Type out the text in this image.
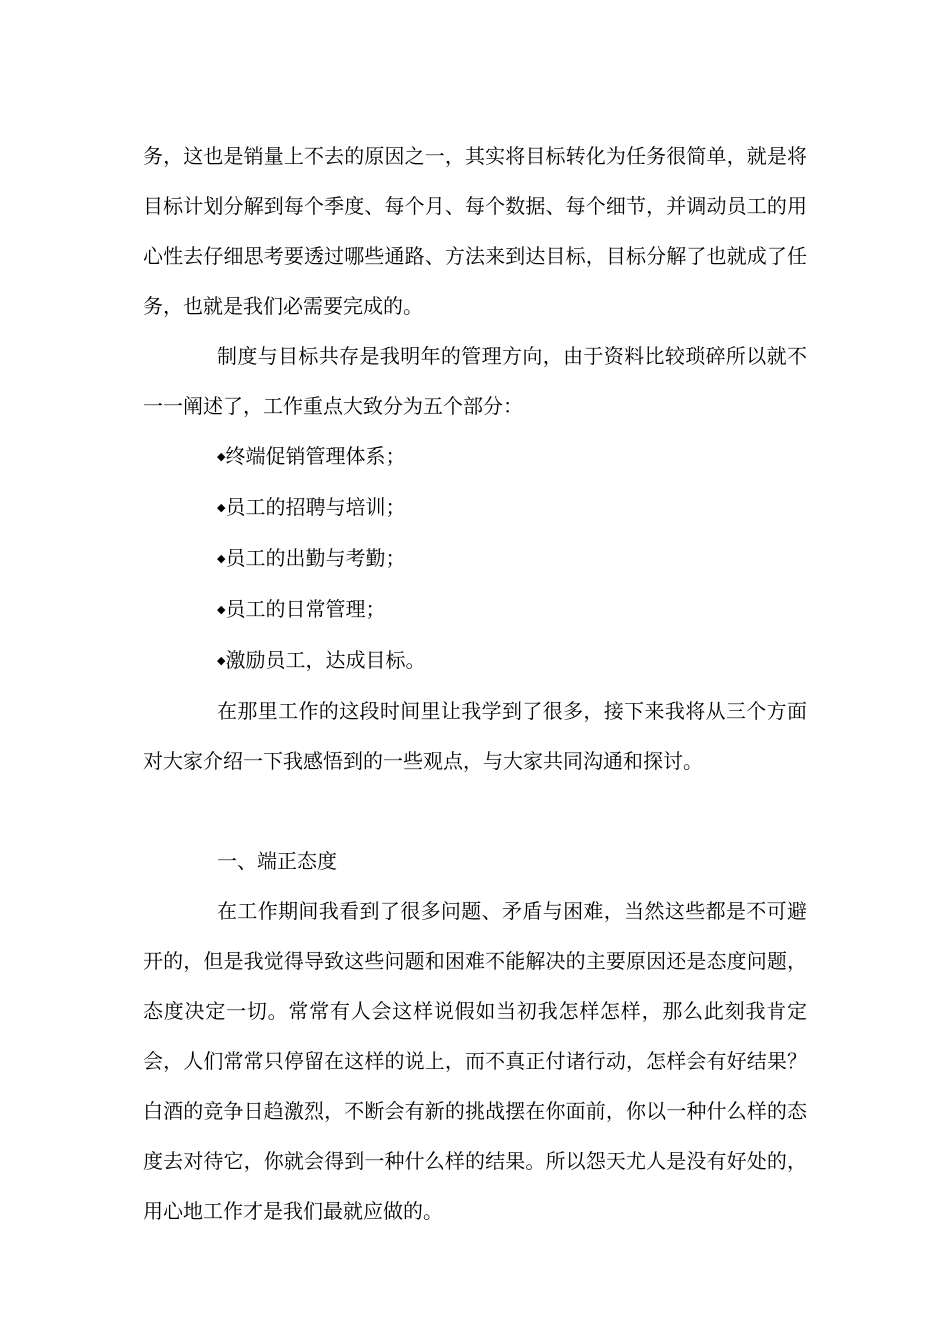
务，这也是销量上不去的原因之一，其实将目标转化为任务很简单，就是将目标计划分解到每个季度、每个月、每个数据、每个细节，并调动员工的用心性去仔细思考要透过哪些通路、方法来到达目标，目标分解了也就成了任务，也就是我们必需要完成的。

制度与目标共存是我明年的管理方向，由于资料比较琐碎所以就不一一阐述了，工作重点大致分为五个部分：

◆终端促销管理体系；

◆员工的招聘与培训；

◆员工的出勤与考勤；

◆员工的日常管理；

◆激励员工，达成目标。

在那里工作的这段时间里让我学到了很多，接下来我将从三个方面对大家介绍一下我感悟到的一些观点，与大家共同沟通和探讨。

一、端正态度

在工作期间我看到了很多问题、矛盾与困难，当然这些都是不可避开的，但是我觉得导致这些问题和困难不能解决的主要原因还是态度问题，态度决定一切。常常有人会这样说假如当初我怎样怎样，那么此刻我肯定会，人们常常只停留在这样的说上，而不真正付诸行动，怎样会有好结果？白酒的竞争日趋激烈，不断会有新的挑战摆在你面前，你以一种什么样的态度去对待它，你就会得到一种什么样的结果。所以怨天尤人是没有好处的，用心地工作才是我们最就应做的。
